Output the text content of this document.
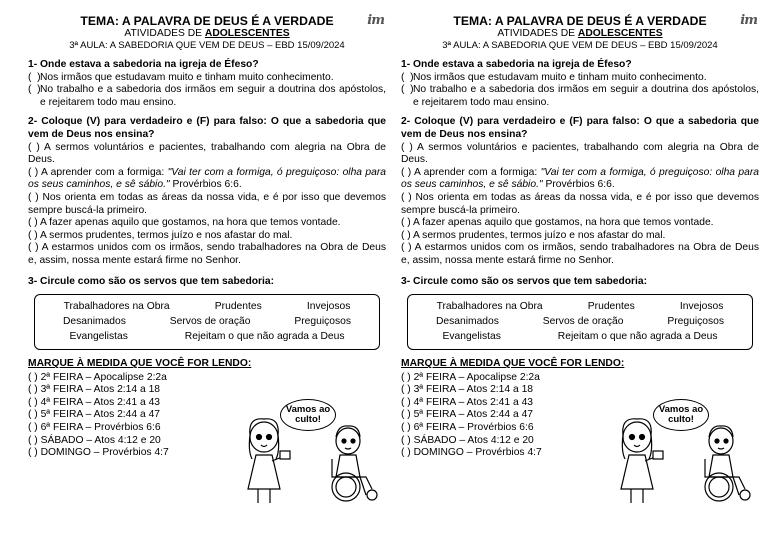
TEMA: A PALAVRA DE DEUS É A VERDADE	im
ATIVIDADES DE ADOLESCENTES
3ª AULA: A SABEDORIA QUE VEM DE DEUS – EBD 15/09/2024
1- Onde estava a sabedoria na igreja de Éfeso?
(  ) Nos irmãos que estudavam muito e tinham muito conhecimento.
(  ) No trabalho e a sabedoria dos irmãos em seguir a doutrina dos apóstolos, e rejeitarem todo mau ensino.
2- Coloque (V) para verdadeiro e (F) para falso: O que a sabedoria que vem de Deus nos ensina?
( ) A sermos voluntários e pacientes, trabalhando com alegria na Obra de Deus.
( ) A aprender com a formiga: "Vai ter com a formiga, ó preguiçoso: olha para os seus caminhos, e sê sábio." Provérbios 6:6.
( ) Nos orienta em todas as áreas da nossa vida, e é por isso que devemos sempre buscá-la primeiro.
( ) A fazer apenas aquilo que gostamos, na hora que temos vontade.
( ) A sermos prudentes, termos juízo e nos afastar do mal.
( ) A estarmos unidos com os irmãos, sendo trabalhadores na Obra de Deus e, assim, nossa mente estará firme no Senhor.
3- Circule como são os servos que tem sabedoria:
Trabalhadores na Obra	Prudentes	Invejosos
Desanimados	Servos de oração	Preguiçosos
Evangelistas	Rejeitam o que não agrada a Deus
MARQUE À MEDIDA QUE VOCÊ FOR LENDO:
( ) 2ª FEIRA – Apocalipse 2:2a
( ) 3ª FEIRA – Atos 2:14 a 18
( ) 4ª FEIRA – Atos 2:41 a 43
( ) 5ª FEIRA – Atos 2:44 a 47
( ) 6ª FEIRA – Provérbios 6:6
( ) SÁBADO – Atos 4:12 e 20
( ) DOMINGO – Provérbios 4:7
Vamos ao
culto!
TEMA: A PALAVRA DE DEUS É A VERDADE	im
ATIVIDADES DE ADOLESCENTES
3ª AULA: A SABEDORIA QUE VEM DE DEUS – EBD 15/09/2024
1- Onde estava a sabedoria na igreja de Éfeso?
(  ) Nos irmãos que estudavam muito e tinham muito conhecimento.
(  ) No trabalho e a sabedoria dos irmãos em seguir a doutrina dos apóstolos, e rejeitarem todo mau ensino.
2- Coloque (V) para verdadeiro e (F) para falso: O que a sabedoria que vem de Deus nos ensina?
( ) A sermos voluntários e pacientes, trabalhando com alegria na Obra de Deus.
( ) A aprender com a formiga: "Vai ter com a formiga, ó preguiçoso: olha para os seus caminhos, e sê sábio." Provérbios 6:6.
( ) Nos orienta em todas as áreas da nossa vida, e é por isso que devemos sempre buscá-la primeiro.
( ) A fazer apenas aquilo que gostamos, na hora que temos vontade.
( ) A sermos prudentes, termos juízo e nos afastar do mal.
( ) A estarmos unidos com os irmãos, sendo trabalhadores na Obra de Deus e, assim, nossa mente estará firme no Senhor.
3- Circule como são os servos que tem sabedoria:
Trabalhadores na Obra	Prudentes	Invejosos
Desanimados	Servos de oração	Preguiçosos
Evangelistas	Rejeitam o que não agrada a Deus
MARQUE À MEDIDA QUE VOCÊ FOR LENDO:
( ) 2ª FEIRA – Apocalipse 2:2a
( ) 3ª FEIRA – Atos 2:14 a 18
( ) 4ª FEIRA – Atos 2:41 a 43
( ) 5ª FEIRA – Atos 2:44 a 47
( ) 6ª FEIRA – Provérbios 6:6
( ) SÁBADO – Atos 4:12 e 20
( ) DOMINGO – Provérbios 4:7
Vamos ao
culto!
